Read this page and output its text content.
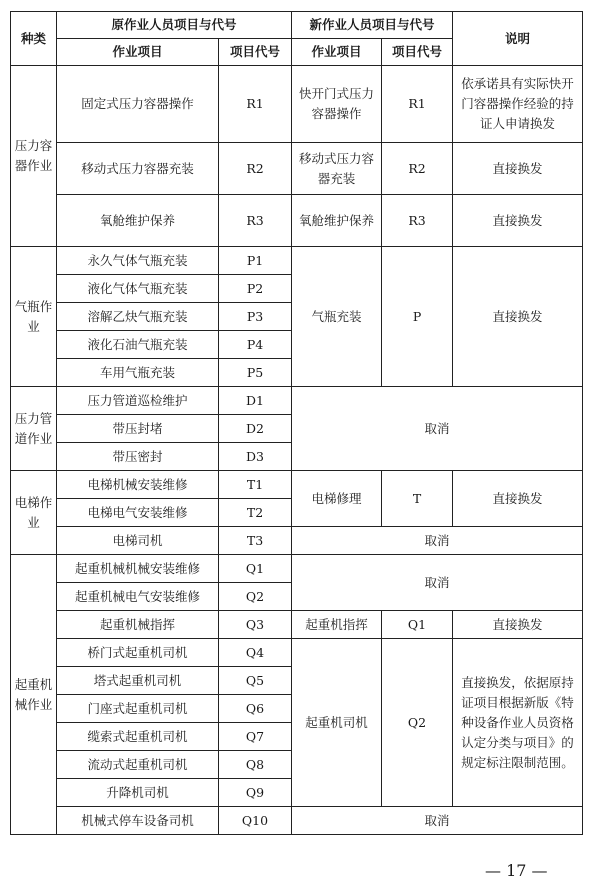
种类	原作业人员项目与代号		新作业人员项目与代号		说明
	作业项目	项目代号	作业项目	项目代号	
压力容器作业	固定式压力容器操作	R1	快开门式压力容器操作	R1	依承诺具有实际快开门容器操作经验的持证人申请换发
	移动式压力容器充装	R2	移动式压力容器充装	R2	直接换发
	氧舱维护保养	R3	氧舱维护保养	R3	直接换发
气瓶作业	永久气体气瓶充装	P1	气瓶充装	P	直接换发
	液化气体气瓶充装	P2			
	溶解乙炔气瓶充装	P3			
	液化石油气瓶充装	P4			
	车用气瓶充装	P5			
压力管道作业	压力管道巡检维护	D1	取消		
	带压封堵	D2			
	带压密封	D3			
电梯作业	电梯机械安装维修	T1	电梯修理	T	直接换发
	电梯电气安装维修	T2			
	电梯司机	T3	取消		
起重机械作业	起重机械机械安装维修	Q1	取消		
	起重机械电气安装维修	Q2			
	起重机械指挥	Q3	起重机指挥	Q1	直接换发
	桥门式起重机司机	Q4	起重机司机	Q2	直接换发，依据原持证项目根据新版《特种设备作业人员资格认定分类与项目》的规定标注限制范围。
	塔式起重机司机	Q5			
	门座式起重机司机	Q6			
	缆索式起重机司机	Q7			
	流动式起重机司机	Q8			
	升降机司机	Q9			
	机械式停车设备司机	Q10	取消		
— 17 —
